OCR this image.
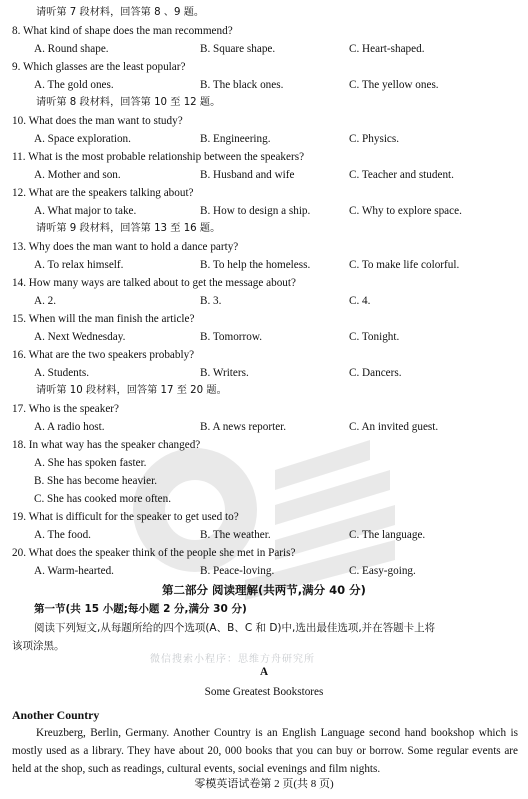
微信搜索小程序：思维方舟研究所
请听第 7 段材料，回答第 8 、9 题。
8. What kind of shape does the man recommend?
A. Round shape.	B. Square shape.	C. Heart-shaped.
9. Which glasses are the least popular?
A. The gold ones.	B. The black ones.	C. The yellow ones.
请听第 8 段材料，回答第 10 至 12 题。
10. What does the man want to study?
A. Space exploration.	B. Engineering.	C. Physics.
11. What is the most probable relationship between the speakers?
A. Mother and son.	B. Husband and wife	C. Teacher and student.
12. What are the speakers talking about?
A. What major to take.	B. How to design a ship.	C. Why to explore space.
请听第 9 段材料，回答第 13 至 16 题。
13. Why does the man want to hold a dance party?
A. To relax himself.	B. To help the homeless.	C. To make life colorful.
14. How many ways are talked about to get the message about?
A. 2.	B. 3.	C. 4.
15. When will the man finish the article?
A. Next Wednesday.	B. Tomorrow.	C. Tonight.
16. What are the two speakers probably?
A. Students.	B. Writers.	C. Dancers.
请听第 10 段材料，回答第 17 至 20 题。
17. Who is the speaker?
A. A radio host.	B. A news reporter.	C. An invited guest.
18. In what way has the speaker changed?
A. She has spoken faster.
B. She has become heavier.
C. She has cooked more often.
19. What is difficult for the speaker to get used to?
A. The food.	B. The weather.	C. The language.
20. What does the speaker think of the people she met in Paris?
A. Warm-hearted.	B. Peace-loving.	C. Easy-going.
第二部分 阅读理解(共两节,满分 40 分)
第一节(共 15 小题;每小题 2 分,满分 30 分)
阅读下列短文,从每题所给的四个选项(A、B、C 和 D)中,选出最佳选项,并在答题卡上将
该项涂黑。
A
Some Greatest Bookstores
Another Country
Kreuzberg, Berlin, Germany. Another Country is an English Language second hand bookshop which is mostly used as a library. They have about 20, 000 books that you can buy or borrow. Some regular events are held at the shop, such as readings, cultural events, social evenings and film nights.
零模英语试卷第 2 页(共 8 页)
